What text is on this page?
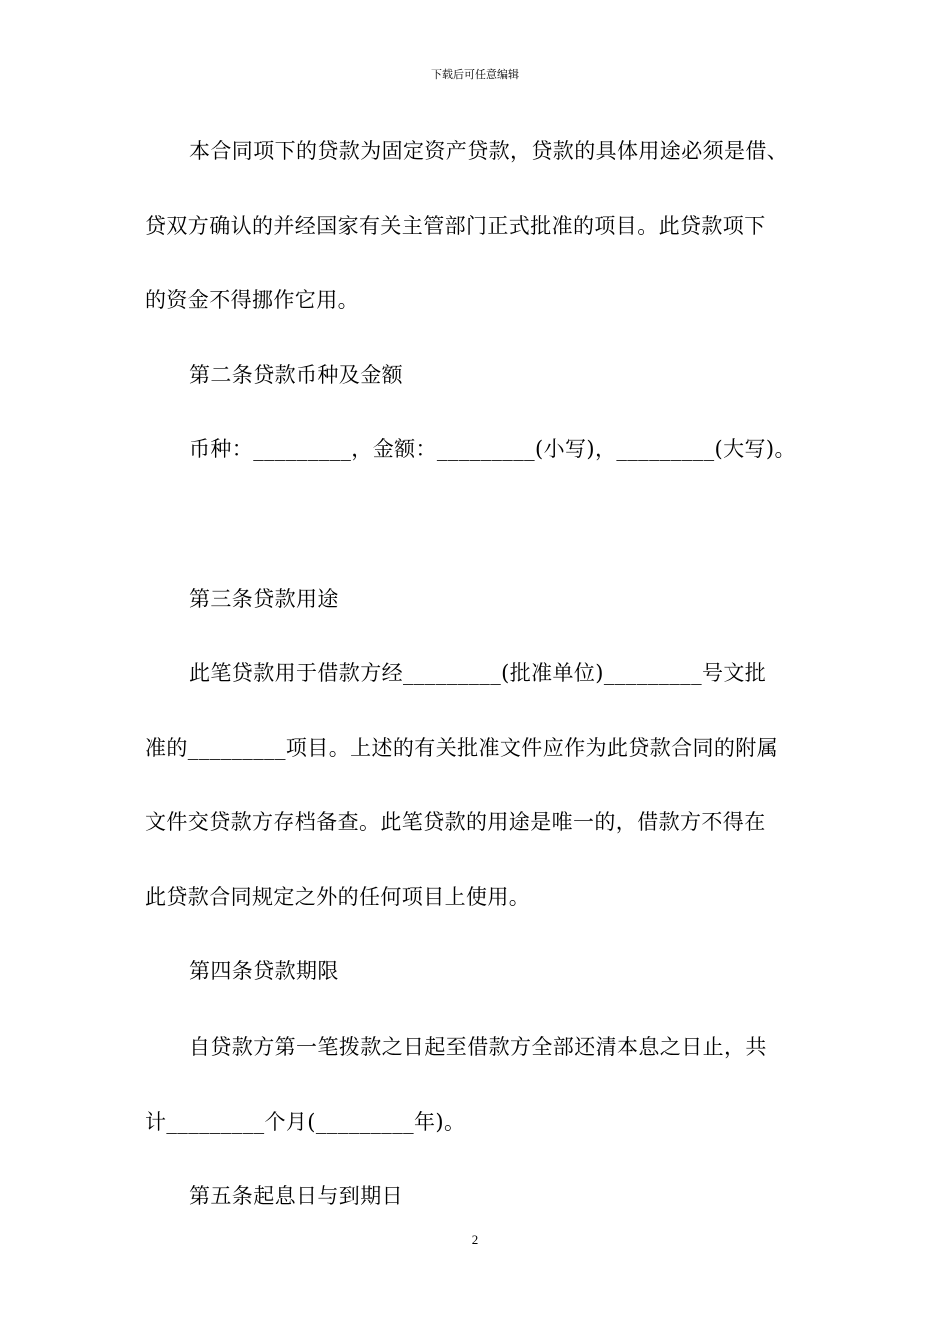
下载后可任意编辑
本合同项下的贷款为固定资产贷款，贷款的具体用途必须是借、
贷双方确认的并经国家有关主管部门正式批准的项目。此贷款项下
的资金不得挪作它用。
第二条贷款币种及金额
币种：_________，金额：_________(小写)，_________(大写)。
第三条贷款用途
此笔贷款用于借款方经_________(批准单位)_________号文批
准的_________项目。上述的有关批准文件应作为此贷款合同的附属
文件交贷款方存档备查。此笔贷款的用途是唯一的，借款方不得在
此贷款合同规定之外的任何项目上使用。
第四条贷款期限
自贷款方第一笔拨款之日起至借款方全部还清本息之日止，共
计_________个月(_________年)。
第五条起息日与到期日
2
